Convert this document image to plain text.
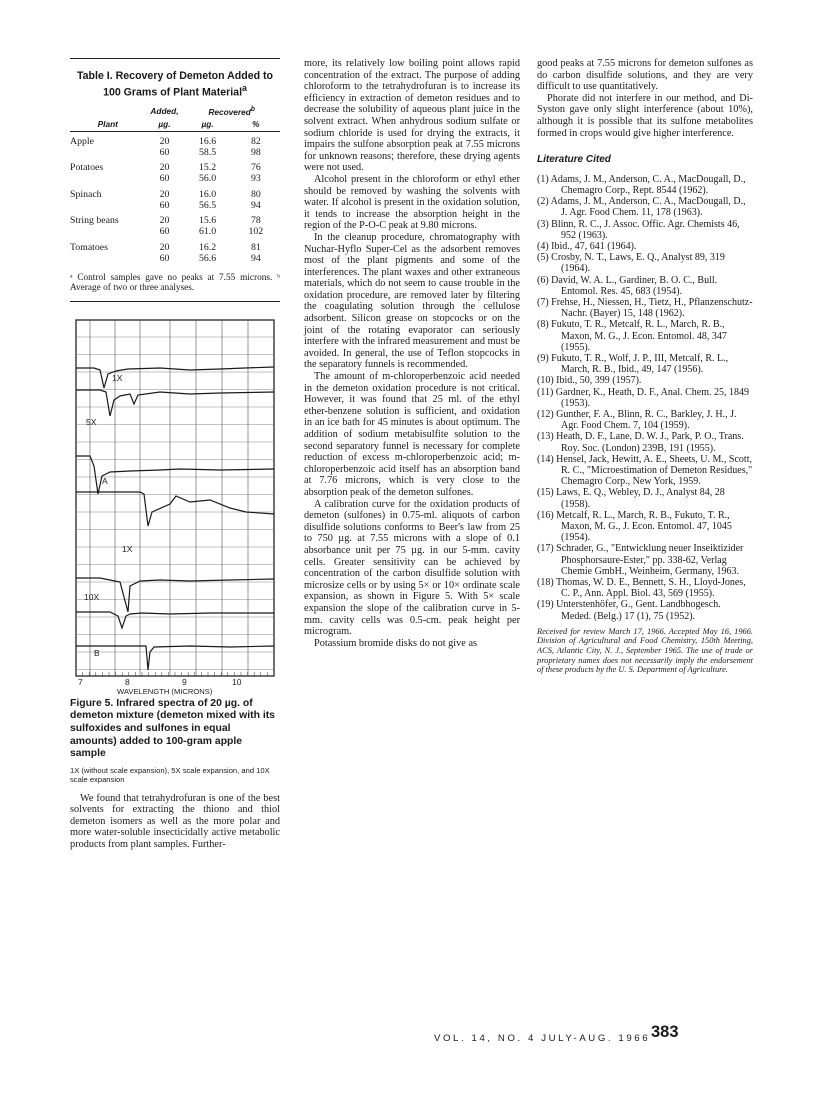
Table I. Recovery of Demeton Added to 100 Grams of Plant Material$^a$
	Added,	Recovered$^b$
Plant	µg.	µg.	%
Apple	20	16.6	82
	60	58.5	98
Potatoes	20	15.2	76
	60	56.0	93
Spinach	20	16.0	80
	60	56.5	94
String beans	20	15.6	78
	60	61.0	102
Tomatoes	20	16.2	81
	60	56.6	94
ᵃ Control samples gave no peaks at 7.55 microns. ᵇ Average of two or three analyses.
1X
5X
A
1X
10X
B
7	8	9	10
WAVELENGTH (MICRONS)
Figure 5. Infrared spectra of 20 µg. of demeton mixture (demeton mixed with its sulfoxides and sulfones in equal amounts) added to 100-gram apple sample
1X (without scale expansion), 5X scale expansion, and 10X scale expansion

We found that tetrahydrofuran is one of the best solvents for extracting the thiono and thiol demeton isomers as well as the more polar and more water-soluble insecticidally active metabolic products from plant samples. Further-

more, its relatively low boiling point allows rapid concentration of the extract. The purpose of adding chloroform to the tetrahydrofuran is to increase its efficiency in extraction of demeton residues and to decrease the solubility of aqueous plant juice in the solvent extract. When anhydrous sodium sulfate or sodium chloride is used for drying the extracts, it impairs the sulfone absorption peak at 7.55 microns for unknown reasons; therefore, these drying agents were not used.

Alcohol present in the chloroform or ethyl ether should be removed by washing the solvents with water. If alcohol is present in the oxidation solution, it tends to increase the absorption height in the region of the P-O-C peak at 9.80 microns.

In the cleanup procedure, chromatography with Nuchar-Hyflo Super-Cel as the adsorbent removes most of the plant pigments and some of the interferences. The plant waxes and other extraneous materials, which do not seem to cause trouble in the oxidation procedure, are removed later by filtering the coagulating solution through the cellulose adsorbent. Silicon grease on stopcocks or on the joint of the rotating evaporator can seriously interfere with the infrared measurement and must be avoided. In general, the use of Teflon stopcocks in the separatory funnels is recommended.

The amount of m-chloroperbenzoic acid needed in the demeton oxidation procedure is not critical. However, it was found that 25 ml. of the ethyl ether-benzene solution is sufficient, and oxidation in an ice bath for 45 minutes is about optimum. The addition of sodium metabisulfite solution to the second separatory funnel is necessary for complete reduction of excess m-chloroperbenzoic acid; m-chloroperbenzoic acid itself has an absorption band at 7.76 microns, which is very close to the absorption peak of the demeton sulfones.

A calibration curve for the oxidation products of demeton (sulfones) in 0.75-ml. aliquots of carbon disulfide solutions conforms to Beer's law from 25 to 750 µg. at 7.55 microns with a slope of 0.1 absorbance unit per 75 µg. in our 5-mm. cavity cells. Greater sensitivity can be achieved by concentration of the carbon disulfide solution with microsize cells or by using 5× or 10× ordinate scale expansion, as shown in Figure 5. With 5× scale expansion the slope of the calibration curve in 5-mm. cavity cells was 0.5-cm. peak height per microgram.

Potassium bromide disks do not give as

good peaks at 7.55 microns for demeton sulfones as do carbon disulfide solutions, and they are very difficult to use quantitatively.

Phorate did not interfere in our method, and Di-Syston gave only slight interference (about 10%), although it is possible that its sulfone metabolites formed in crops would give higher interference.

Literature Cited
(1) Adams, J. M., Anderson, C. A., MacDougall, D., Chemagro Corp., Rept. 8544 (1962).
(2) Adams, J. M., Anderson, C. A., MacDougall, D., J. Agr. Food Chem. 11, 178 (1963).
(3) Blinn, R. C., J. Assoc. Offic. Agr. Chemists 46, 952 (1963).
(4) Ibid., 47, 641 (1964).
(5) Crosby, N. T., Laws, E. Q., Analyst 89, 319 (1964).
(6) David, W. A. L., Gardiner, B. O. C., Bull. Entomol. Res. 45, 683 (1954).
(7) Frehse, H., Niessen, H., Tietz, H., Pflanzenschutz-Nachr. (Bayer) 15, 148 (1962).
(8) Fukuto, T. R., Metcalf, R. L., March, R. B., Maxon, M. G., J. Econ. Entomol. 48, 347 (1955).
(9) Fukuto, T. R., Wolf, J. P., III, Metcalf, R. L., March, R. B., Ibid., 49, 147 (1956).
(10) Ibid., 50, 399 (1957).
(11) Gardner, K., Heath, D. F., Anal. Chem. 25, 1849 (1953).
(12) Gunther, F. A., Blinn, R. C., Barkley, J. H., J. Agr. Food Chem. 7, 104 (1959).
(13) Heath, D. F., Lane, D. W. J., Park, P. O., Trans. Roy. Soc. (London) 239B, 191 (1955).
(14) Hensel, Jack, Hewitt, A. E., Sheets, U. M., Scott, R. C., "Microestimation of Demeton Residues," Chemagro Corp., New York, 1959.
(15) Laws, E. Q., Webley, D. J., Analyst 84, 28 (1958).
(16) Metcalf, R. L., March, R. B., Fukuto, T. R., Maxon, M. G., J. Econ. Entomol. 47, 1045 (1954).
(17) Schrader, G., "Entwicklung neuer Inseiktizider Phosphorsaure-Ester," pp. 338-62, Verlag Chemie GmbH., Weinheim, Germany, 1963.
(18) Thomas, W. D. E., Bennett, S. H., Lloyd-Jones, C. P., Ann. Appl. Biol. 43, 569 (1955).
(19) Unterstenhöfer, G., Gent. Landbhogesch. Meded. (Belg.) 17 (1), 75 (1952).
Received for review March 17, 1966. Accepted May 16, 1966. Division of Agricultural and Food Chemistry, 150th Meeting, ACS, Atlantic City, N. J., September 1965. The use of trade or proprietary names does not necessarily imply the endorsement of these products by the U. S. Department of Agriculture.
VOL. 14, NO. 4 JULY-AUG. 1966 383
